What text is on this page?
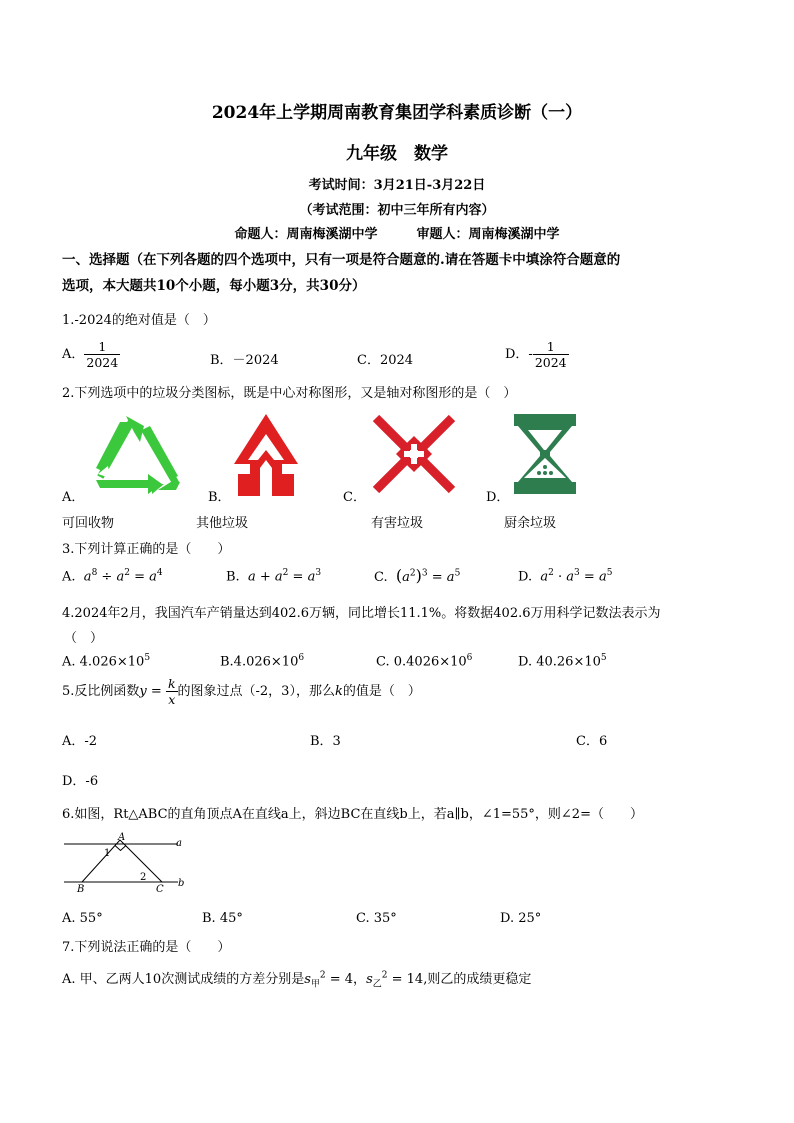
2024年上学期周南教育集团学科素质诊断（一）
九年级　数学
考试时间：3月21日-3月22日
（考试范围：初中三年所有内容）
命题人：周南梅溪湖中学　　　审题人：周南梅溪湖中学
一、选择题（在下列各题的四个选项中，只有一项是符合题意的.请在答题卡中填涂符合题意的
选项，本大题共10个小题，每小题3分，共30分）
1.-2024的绝对值是（　）
A． $\frac{1}{2024}$	B．－2024	C．2024	D．- $\frac{1}{2024}$
2.下列选项中的垃圾分类图标，既是中心对称图形，又是轴对称图形的是（　）
A．	B．	C．	D．
可回收物	其他垃圾	有害垃圾	厨余垃圾
3.下列计算正确的是（　　）
A. $a^8 \div a^2 = a^4$	B. $a + a^2 = a^3$	C. $(a^2)^3 = a^5$	D. $a^2 \cdot a^3 = a^5$
4.2024年2月，我国汽车产销量达到402.6万辆，同比增长11.1%。将数据402.6万用科学记数法表示为
（　）
A. $4.026\times 10^5$	$B.4.026\times 10^6$	C. $0.4026\times 10^6$	D. $40.26\times 10^5$
5.反比例函数$y = \frac{k}{x}$ 的图象过点（-2，3），那么k的值是（　）
A．-2	B．3	C．6
D．-6
6.如图，Rt△ABC的直角顶点A在直线a上，斜边BC在直线b上，若a∥b，∠1=55°，则∠2=（　　）
A
B	C
a
b
1
2
A. 55°	B. 45°	C. 35°	D. 25°
7.下列说法正确的是（　　）
A. 甲、乙两人10次测试成绩的方差分别是$s_甲^2 = 4$，$s_乙^2 = 14$,则乙的成绩更稳定
